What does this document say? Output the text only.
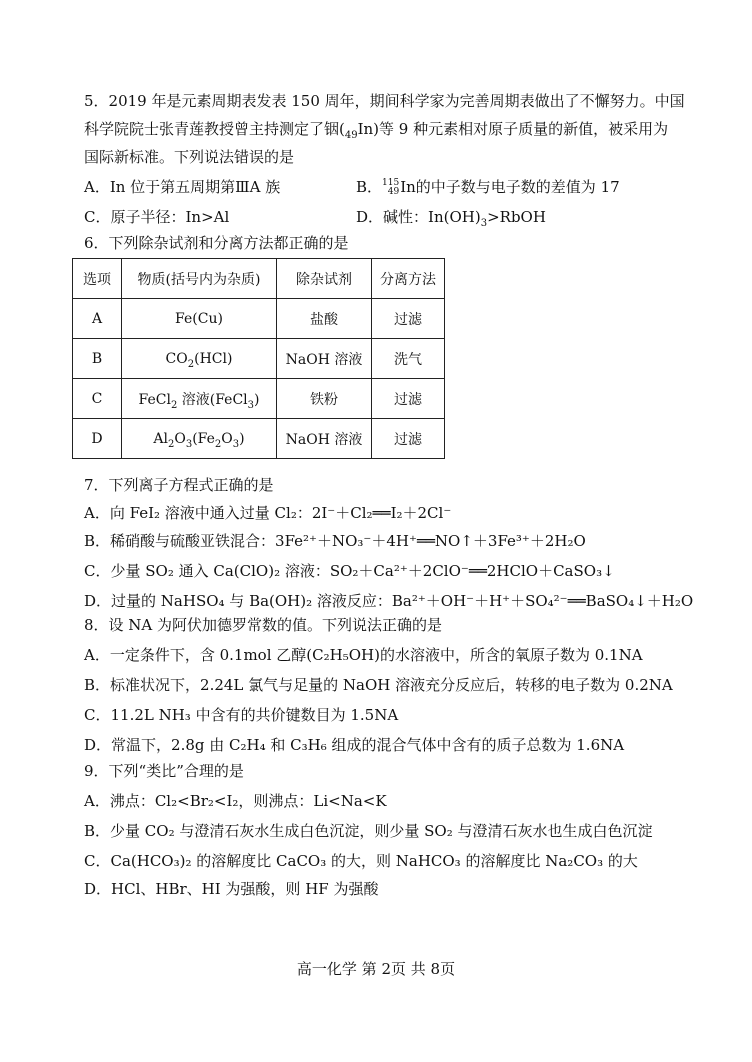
5．2019 年是元素周期表发表 150 周年，期间科学家为完善周期表做出了不懈努力。中国
科学院院士张青莲教授曾主持测定了铟$(_{49}In)$等 9 种元素相对原子质量的新值，被采用为
国际新标准。下列说法错误的是
A．In 位于第五周期第ⅢA 族	B．115
49In的中子数与电子数的差值为 17
C．原子半径：In>Al	D．碱性：$In(OH)_3>RbOH$
6．下列除杂试剂和分离方法都正确的是
选项	物质(括号内为杂质)	除杂试剂	分离方法
A	Fe(Cu)	盐酸	过滤
B	$CO_2(HCl)$	NaOH 溶液	洗气
C	FeCl$_2$ 溶液(FeCl$_3$)	铁粉	过滤
D	$Al_2O_3(Fe_2O_3)$	NaOH 溶液	过滤
7．下列离子方程式正确的是
A．向 FeI₂ 溶液中通入过量 Cl₂：2I⁻＋Cl₂══I₂＋2Cl⁻
B．稀硝酸与硫酸亚铁混合：3Fe²⁺＋NO₃⁻＋4H⁺══NO↑＋3Fe³⁺＋2H₂O
C．少量 SO₂ 通入 Ca(ClO)₂ 溶液：SO₂＋Ca²⁺＋2ClO⁻══2HClO＋CaSO₃↓
D．过量的 NaHSO₄ 与 Ba(OH)₂ 溶液反应：Ba²⁺＋OH⁻＋H⁺＋SO₄²⁻══BaSO₄↓＋H₂O
8．设 NA 为阿伏加德罗常数的值。下列说法正确的是
A．一定条件下，含 0.1mol 乙醇(C₂H₅OH)的水溶液中，所含的氧原子数为 0.1NA
B．标准状况下，2.24L 氯气与足量的 NaOH 溶液充分反应后，转移的电子数为 0.2NA
C．11.2L NH₃ 中含有的共价键数目为 1.5NA
D．常温下，2.8g 由 C₂H₄ 和 C₃H₆ 组成的混合气体中含有的质子总数为 1.6NA
9．下列“类比”合理的是
A．沸点：Cl₂<Br₂<I₂，则沸点：Li<Na<K
B．少量 CO₂ 与澄清石灰水生成白色沉淀，则少量 SO₂ 与澄清石灰水也生成白色沉淀
C．Ca(HCO₃)₂ 的溶解度比 CaCO₃ 的大，则 NaHCO₃ 的溶解度比 Na₂CO₃ 的大
D．HCl、HBr、HI 为强酸，则 HF 为强酸
高一化学 第 2页 共 8页
